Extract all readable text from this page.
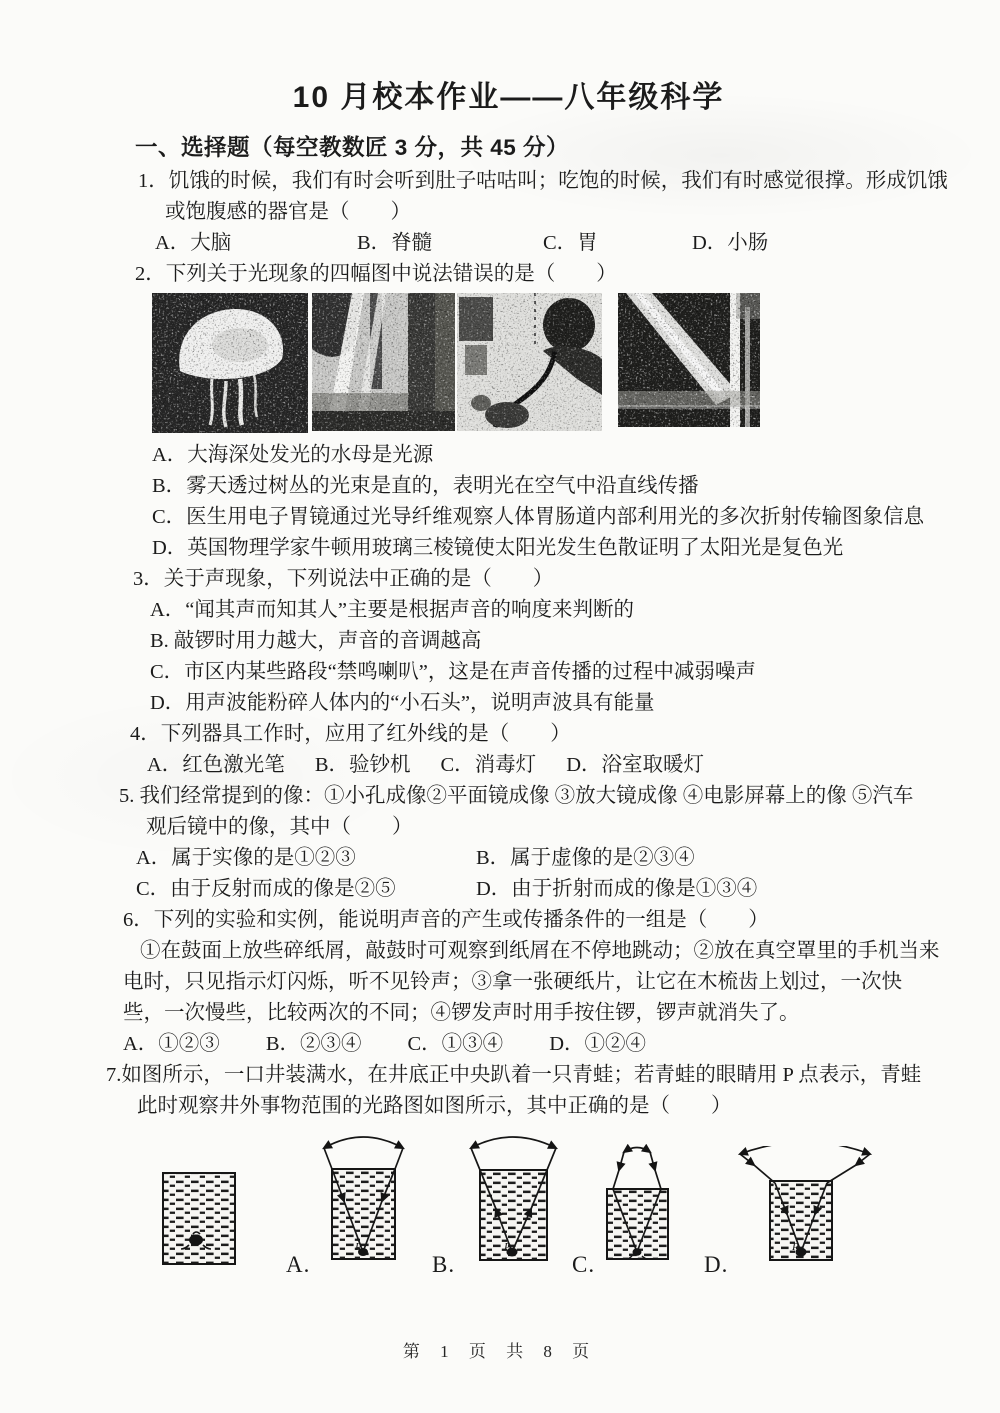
10 月校本作业——八年级科学
一、选择题（每空教数匠 3 分，共 45 分）

1．饥饿的时候，我们有时会听到肚子咕咕叫；吃饱的时候，我们有时感觉很撑。形成饥饿

或饱腹感的器官是（　　）

A．大脑	B．脊髓	C．胃	D．小肠

2．下列关于光现象的四幅图中说法错误的是（　　）

A．大海深处发光的水母是光源

B．雾天透过树丛的光束是直的，表明光在空气中沿直线传播

C．医生用电子胃镜通过光导纤维观察人体胃肠道内部利用光的多次折射传输图象信息

D．英国物理学家牛顿用玻璃三棱镜使太阳光发生色散证明了太阳光是复色光

3．关于声现象，下列说法中正确的是（　　）

A．“闻其声而知其人”主要是根据声音的响度来判断的

B. 敲锣时用力越大，声音的音调越高

C．市区内某些路段“禁鸣喇叭”，这是在声音传播的过程中减弱噪声

D．用声波能粉碎人体内的“小石头”，说明声波具有能量

4．下列器具工作时，应用了红外线的是（　　）

A．红色激光笔 B．验钞机 C．消毒灯 D．浴室取暖灯

5. 我们经常提到的像：①小孔成像②平面镜成像 ③放大镜成像 ④电影屏幕上的像 ⑤汽车

观后镜中的像，其中（　　）

A．属于实像的是①②③	B．属于虚像的是②③④
C．由于反射而成的像是②⑤	D．由于折射而成的像是①③④

6．下列的实验和实例，能说明声音的产生或传播条件的一组是（　　）

①在鼓面上放些碎纸屑，敲鼓时可观察到纸屑在不停地跳动；②放在真空罩里的手机当来

电时，只见指示灯闪烁，听不见铃声；③拿一张硬纸片，让它在木梳齿上划过，一次快

些，一次慢些，比较两次的不同；④锣发声时用手按住锣，锣声就消失了。

A．①②③ B．②③④ C．①③④ D．①②④

7.如图所示，一口井装满水，在井底正中央趴着一只青蛙；若青蛙的眼睛用 P 点表示，青蛙

此时观察井外事物范围的光路图如图所示，其中正确的是（　　）

P	P	P
A.	B.	C.	D.
第 1 页 共 8 页
